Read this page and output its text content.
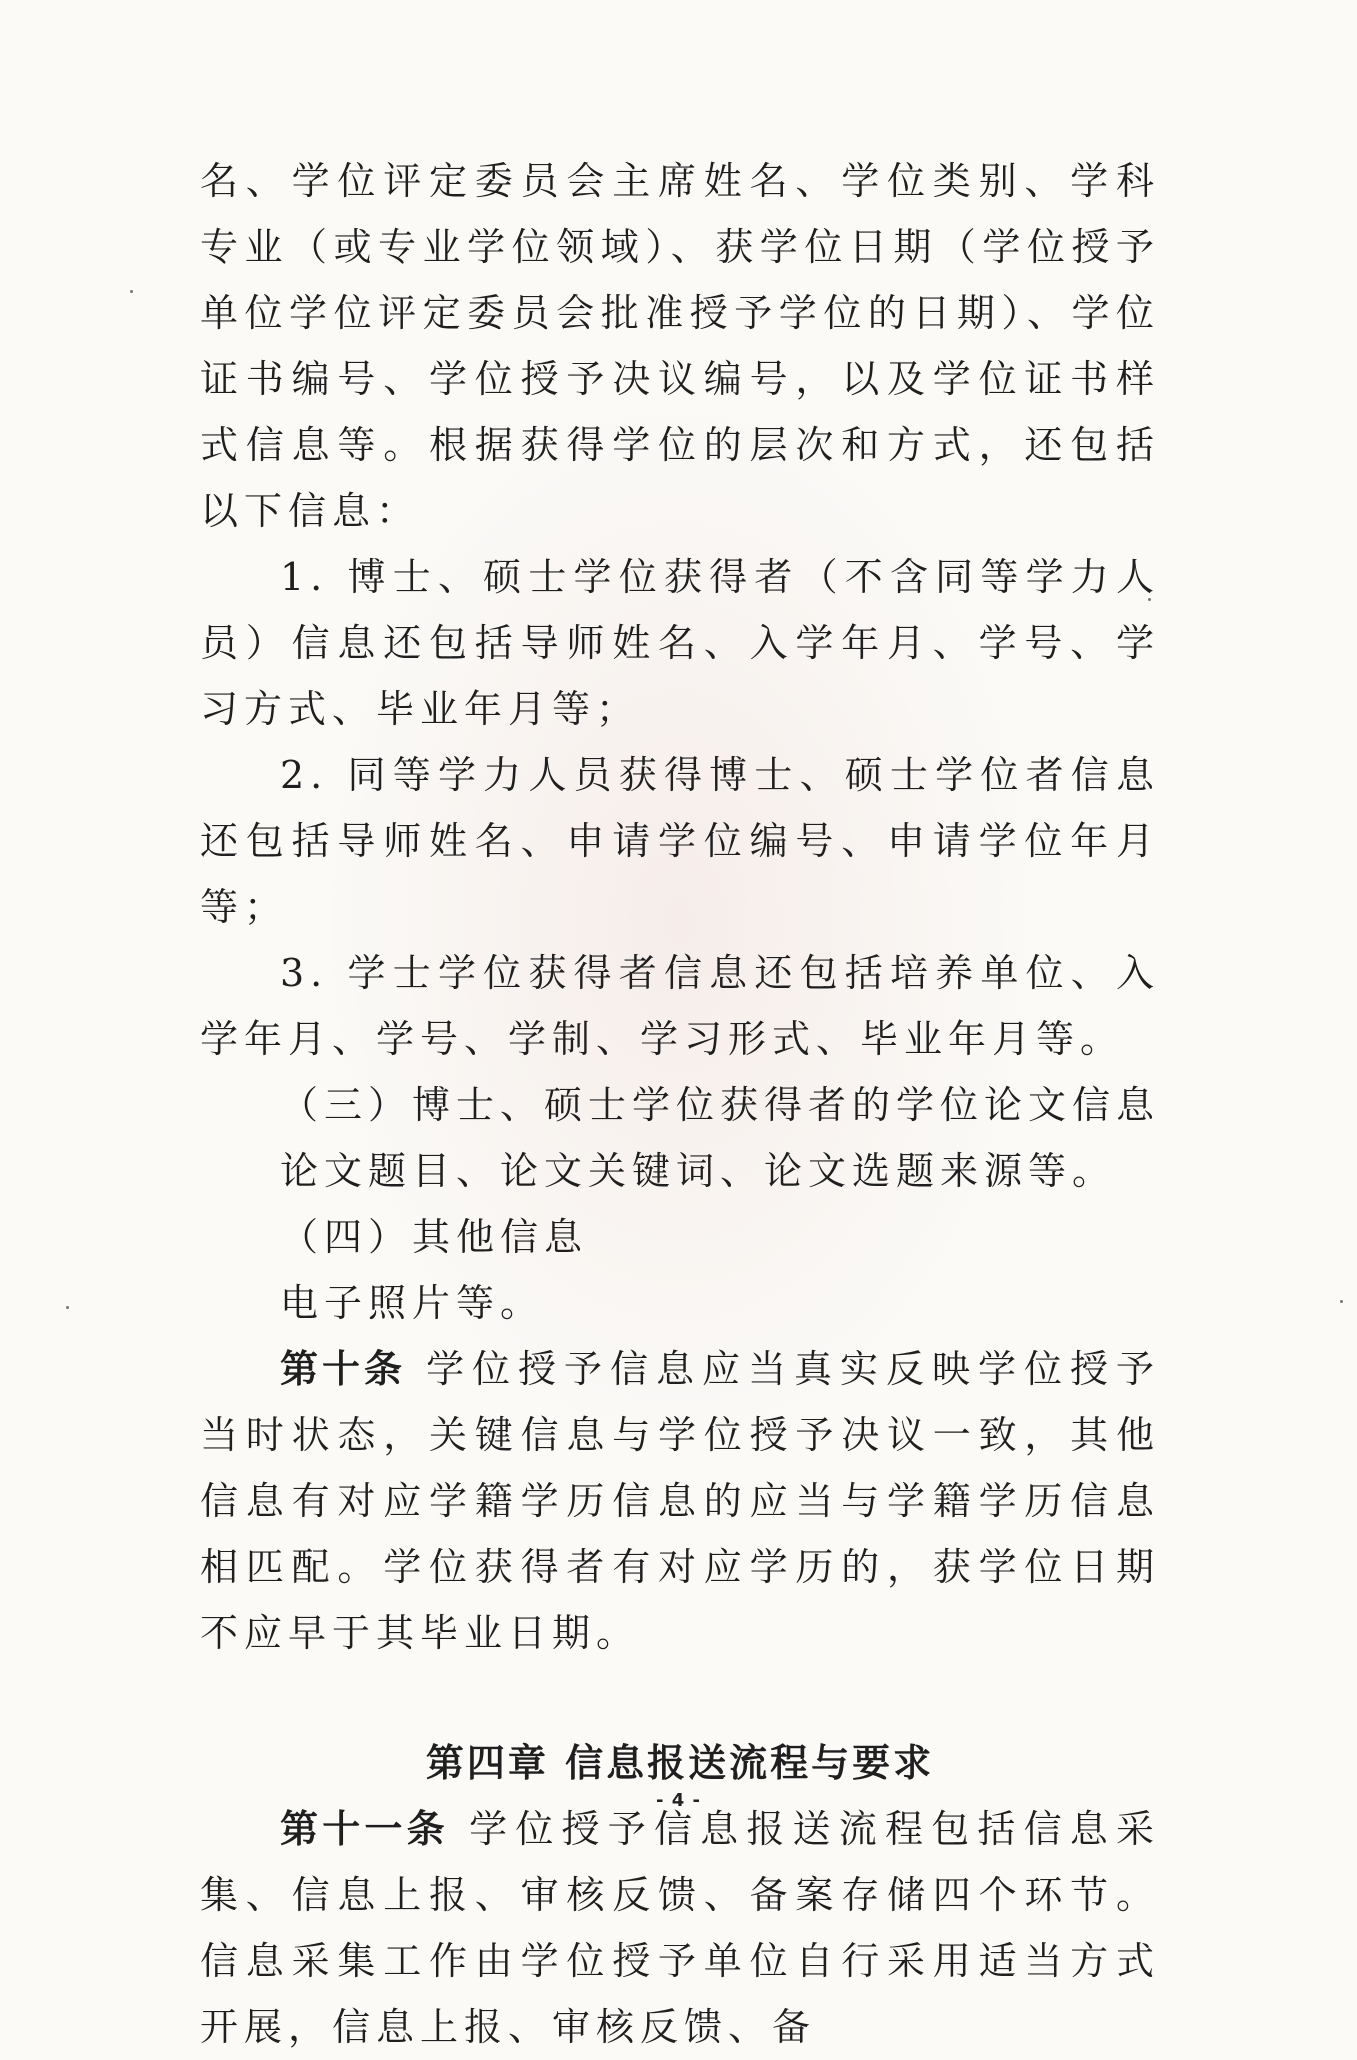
名、学位评定委员会主席姓名、学位类别、学科专业（或专业学位领域）、获学位日期（学位授予单位学位评定委员会批准授予学位的日期）、学位证书编号、学位授予决议编号，以及学位证书样式信息等。根据获得学位的层次和方式，还包括以下信息：

1. 博士、硕士学位获得者（不含同等学力人员）信息还包括导师姓名、入学年月、学号、学习方式、毕业年月等；

2. 同等学力人员获得博士、硕士学位者信息还包括导师姓名、申请学位编号、申请学位年月等；

3. 学士学位获得者信息还包括培养单位、入学年月、学号、学制、学习形式、毕业年月等。

（三）博士、硕士学位获得者的学位论文信息

论文题目、论文关键词、论文选题来源等。

（四）其他信息

电子照片等。

第十条 学位授予信息应当真实反映学位授予当时状态，关键信息与学位授予决议一致，其他信息有对应学籍学历信息的应当与学籍学历信息相匹配。学位获得者有对应学历的，获学位日期不应早于其毕业日期。

第四章 信息报送流程与要求

第十一条 学位授予信息报送流程包括信息采集、信息上报、审核反馈、备案存储四个环节。信息采集工作由学位授予单位自行采用适当方式开展，信息上报、审核反馈、备

- 4 -
